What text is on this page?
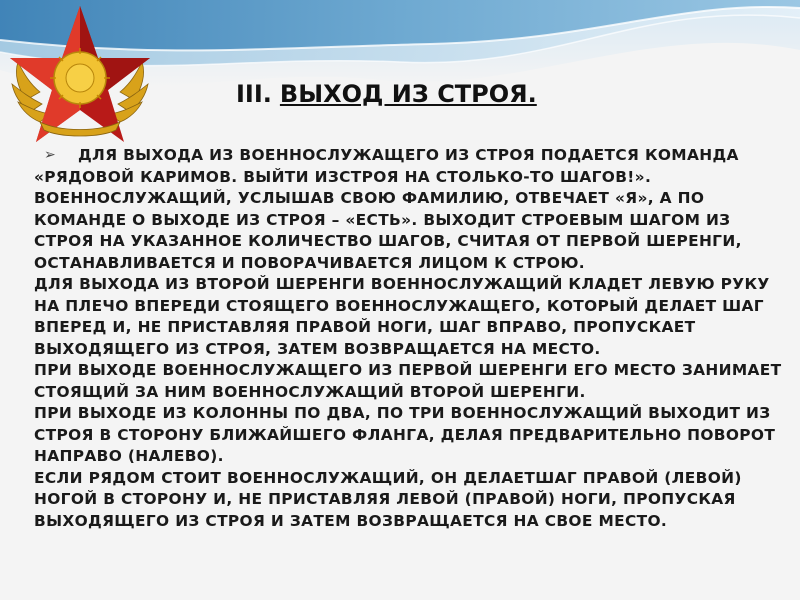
III. ВЫХОД ИЗ СТРОЯ.
➢	ДЛЯ ВЫХОДА ИЗ ВОЕННОСЛУЖАЩЕГО ИЗ СТРОЯ ПОДАЕТСЯ КОМАНДА

«РЯДОВОЙ КАРИМОВ. ВЫЙТИ ИЗСТРОЯ НА СТОЛЬКО-ТО ШАГОВ!». ВОЕННОСЛУЖАЩИЙ, УСЛЫШАВ СВОЮ ФАМИЛИЮ, ОТВЕЧАЕТ «Я», А ПО КОМАНДЕ О ВЫХОДЕ ИЗ СТРОЯ – «ЕСТЬ». ВЫХОДИТ СТРОЕВЫМ ШАГОМ ИЗ СТРОЯ НА УКАЗАННОЕ КОЛИЧЕСТВО ШАГОВ, СЧИТАЯ ОТ ПЕРВОЙ ШЕРЕНГИ, ОСТАНАВЛИВАЕТСЯ И ПОВОРАЧИВАЕТСЯ ЛИЦОМ К СТРОЮ.

ДЛЯ ВЫХОДА ИЗ ВТОРОЙ ШЕРЕНГИ ВОЕННОСЛУЖАЩИЙ КЛАДЕТ ЛЕВУЮ РУКУ НА ПЛЕЧО ВПЕРЕДИ СТОЯЩЕГО ВОЕННОСЛУЖАЩЕГО, КОТОРЫЙ ДЕЛАЕТ ШАГ ВПЕРЕД И, НЕ ПРИСТАВЛЯЯ ПРАВОЙ НОГИ, ШАГ ВПРАВО, ПРОПУСКАЕТ ВЫХОДЯЩЕГО ИЗ СТРОЯ, ЗАТЕМ ВОЗВРАЩАЕТСЯ НА МЕСТО.

ПРИ ВЫХОДЕ ВОЕННОСЛУЖАЩЕГО ИЗ ПЕРВОЙ ШЕРЕНГИ ЕГО МЕСТО ЗАНИМАЕТ СТОЯЩИЙ ЗА НИМ ВОЕННОСЛУЖАЩИЙ ВТОРОЙ ШЕРЕНГИ.

ПРИ ВЫХОДЕ ИЗ КОЛОННЫ ПО ДВА, ПО ТРИ ВОЕННОСЛУЖАЩИЙ ВЫХОДИТ ИЗ СТРОЯ В СТОРОНУ БЛИЖАЙШЕГО ФЛАНГА, ДЕЛАЯ ПРЕДВАРИТЕЛЬНО ПОВОРОТ НАПРАВО (НАЛЕВО).

ЕСЛИ РЯДОМ СТОИТ ВОЕННОСЛУЖАЩИЙ, ОН ДЕЛАЕТШАГ ПРАВОЙ (ЛЕВОЙ) НОГОЙ В СТОРОНУ И, НЕ ПРИСТАВЛЯЯ ЛЕВОЙ (ПРАВОЙ) НОГИ, ПРОПУСКАЯ ВЫХОДЯЩЕГО ИЗ СТРОЯ И ЗАТЕМ ВОЗВРАЩАЕТСЯ НА СВОЕ МЕСТО.
